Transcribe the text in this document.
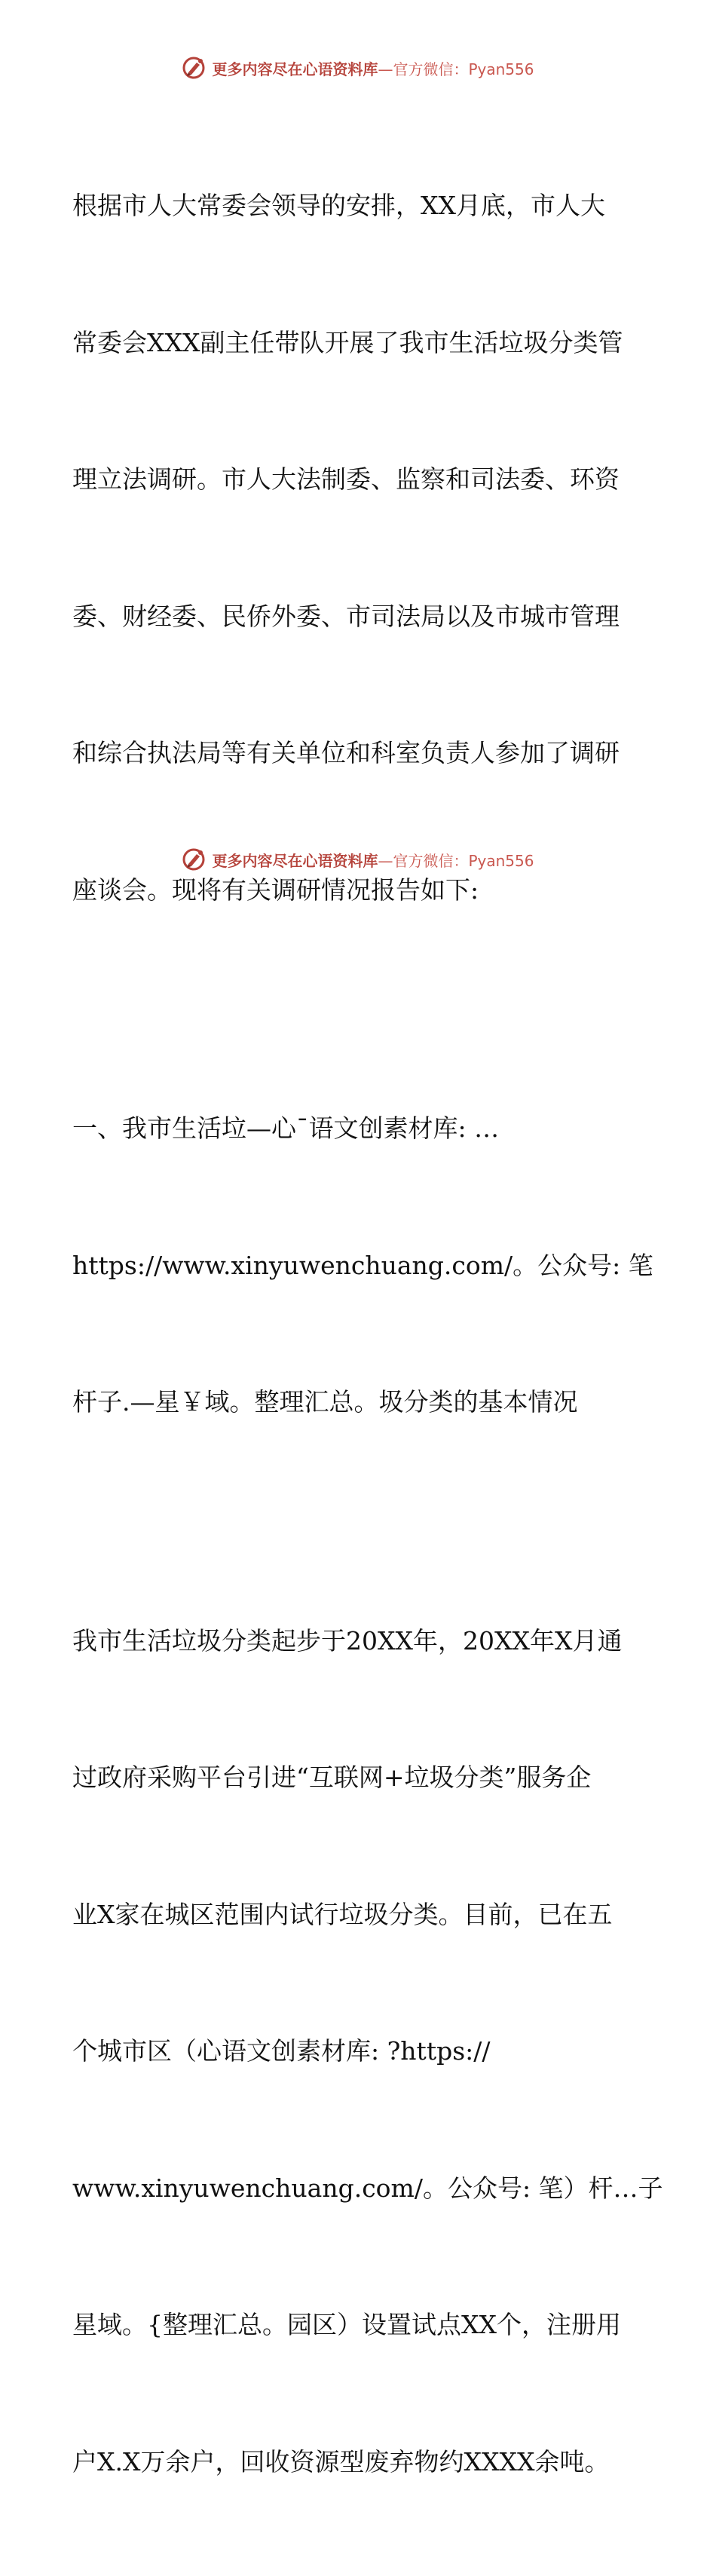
更多内容尽在心语资料库—官方微信：Pyan556

根据市人大常委会领导的安排，XX月底，市人大

常委会XXX副主任带队开展了我市生活垃圾分类管

理立法调研。市人大法制委、监察和司法委、环资

委、财经委、民侨外委、市司法局以及市城市管理

和综合执法局等有关单位和科室负责人参加了调研

座谈会。现将有关调研情况报告如下:

一、我市生活垃—心¯语文创素材库: …

https://www.xinyuwenchuang.com/。公众号: 笔

杆子.—星￥域。整理汇总。圾分类的基本情况

我市生活垃圾分类起步于20XX年，20XX年X月通

过政府采购平台引进“互联网+垃圾分类”服务企

业X家在城区范围内试行垃圾分类。目前，已在五

个城市区（心语文创素材库: ?https://

www.xinyuwenchuang.com/。公众号: 笔）杆…子

星域。{整理汇总。园区）设置试点XX个，注册用

户X.X万余户，回收资源型废弃物约XXXX余吨。

更多内容尽在心语资料库—官方微信：Pyan556
